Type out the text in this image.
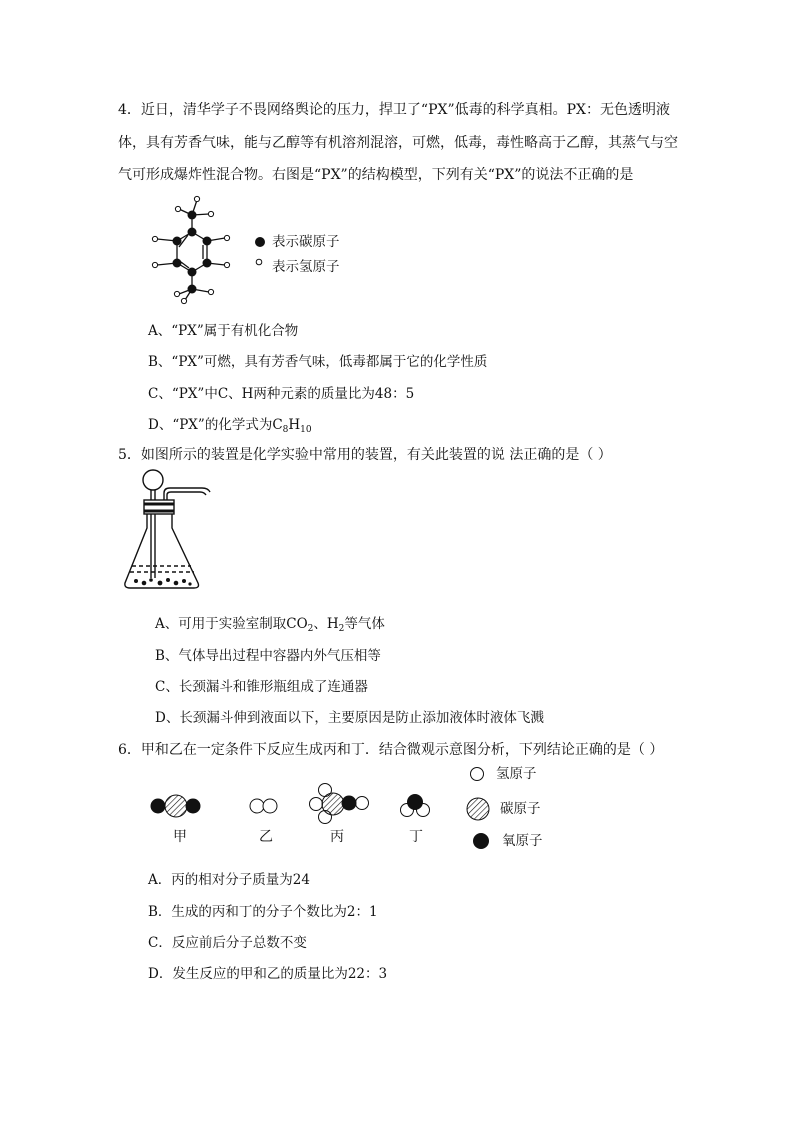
4．近日，清华学子不畏网络舆论的压力，捍卫了“PX”低毒的科学真相。PX：无色透明液
体，具有芳香气味，能与乙醇等有机溶剂混溶，可燃，低毒，毒性略高于乙醇，其蒸气与空
气可形成爆炸性混合物。右图是“PX”的结构模型，下列有关“PX”的说法不正确的是
表示碳原子
表示氢原子
A、“PX”属于有机化合物
B、“PX”可燃，具有芳香气味，低毒都属于它的化学性质
C、“PX”中C、H两种元素的质量比为48：5
D、“PX”的化学式为$C_8H_{10}$
5．如图所示的装置是化学实验中常用的装置，有关此装置的说 法正确的是（ ）
A、可用于实验室制取$CO_2$、$H_2$等气体
B、气体导出过程中容器内外气压相等
C、长颈漏斗和锥形瓶组成了连通器
D、长颈漏斗伸到液面以下，主要原因是防止添加液体时液体飞溅
6．甲和乙在一定条件下反应生成丙和丁．结合微观示意图分析，下列结论正确的是（ ）
甲	乙	丙	丁
氢原子
碳原子
氧原子
A．丙的相对分子质量为24
B．生成的丙和丁的分子个数比为2：1
C．反应前后分子总数不变
D．发生反应的甲和乙的质量比为22：3
